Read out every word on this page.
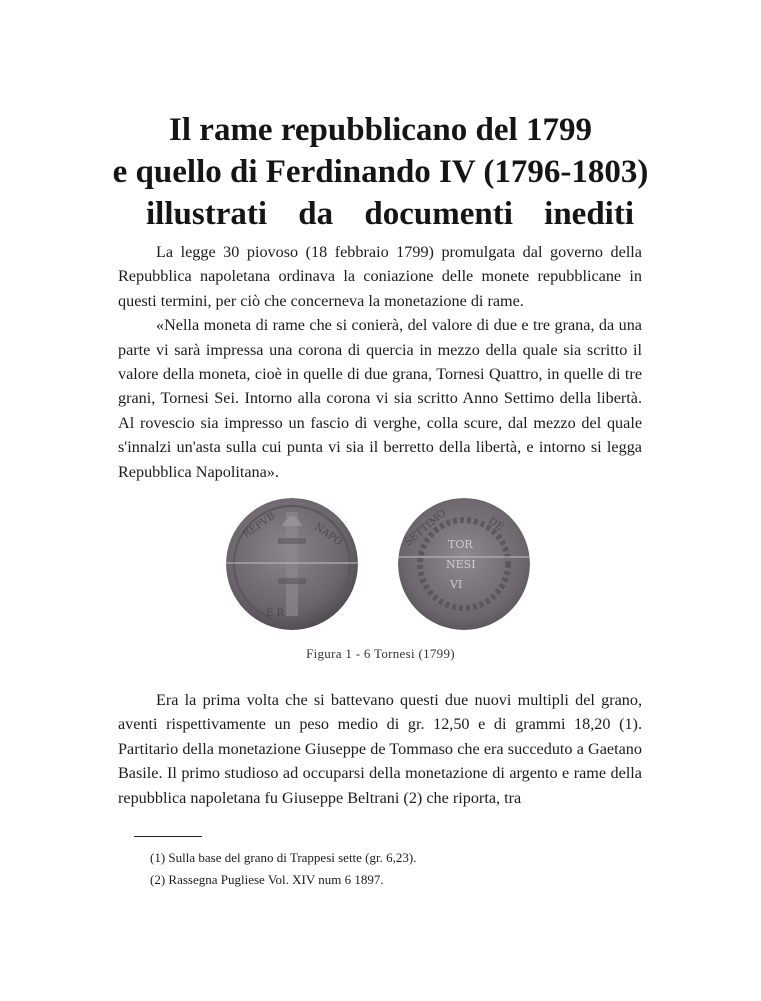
Il rame repubblicano del 1799
e quello di Ferdinando IV (1796-1803)
illustrati da documenti inediti

La legge 30 piovoso (18 febbraio 1799) promulgata dal governo della Repubblica napoletana ordinava la coniazione delle monete repubblicane in questi termini, per ciò che concerneva la monetazione di rame.

«Nella moneta di rame che si conierà, del valore di due e tre grana, da una parte vi sarà impressa una corona di quercia in mezzo della quale sia scritto il valore della moneta, cioè in quelle di due grana, Tornesi Quattro, in quelle di tre grani, Tornesi Sei. Intorno alla corona vi sia scritto Anno Settimo della libertà. Al rovescio sia impresso un fascio di verghe, colla scure, dal mezzo del quale s'innalzi un'asta sulla cui punta vi sia il berretto della libertà, e intorno si legga Repubblica Napolitana».

REPVB	NAPO
E R
TOR
NESI
VI
SETTIMO	DE
Figura 1 - 6 Tornesi (1799)

Era la prima volta che si battevano questi due nuovi multipli del grano, aventi rispettivamente un peso medio di gr. 12,50 e di grammi 18,20 (1). Partitario della monetazione Giuseppe de Tommaso che era succeduto a Gaetano Basile. Il primo studioso ad occuparsi della monetazione di argento e rame della repubblica napoletana fu Giuseppe Beltrani (2) che riporta, tra

(1) Sulla base del grano di Trappesi sette (gr. 6,23).
(2) Rassegna Pugliese Vol. XIV num 6 1897.
